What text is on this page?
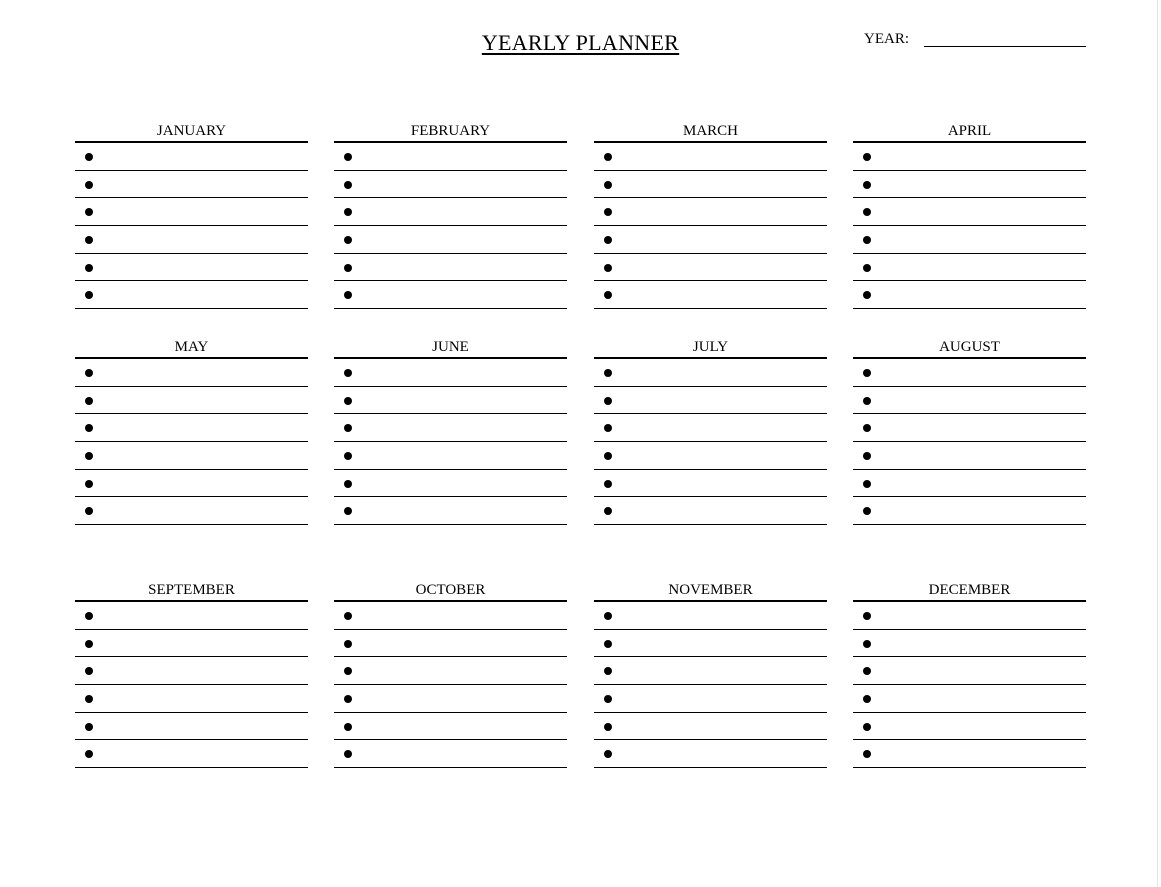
YEARLY PLANNER	YEAR:
JANUARY	FEBRUARY	MARCH	APRIL
MAY	JUNE	JULY	AUGUST
SEPTEMBER	OCTOBER	NOVEMBER	DECEMBER
